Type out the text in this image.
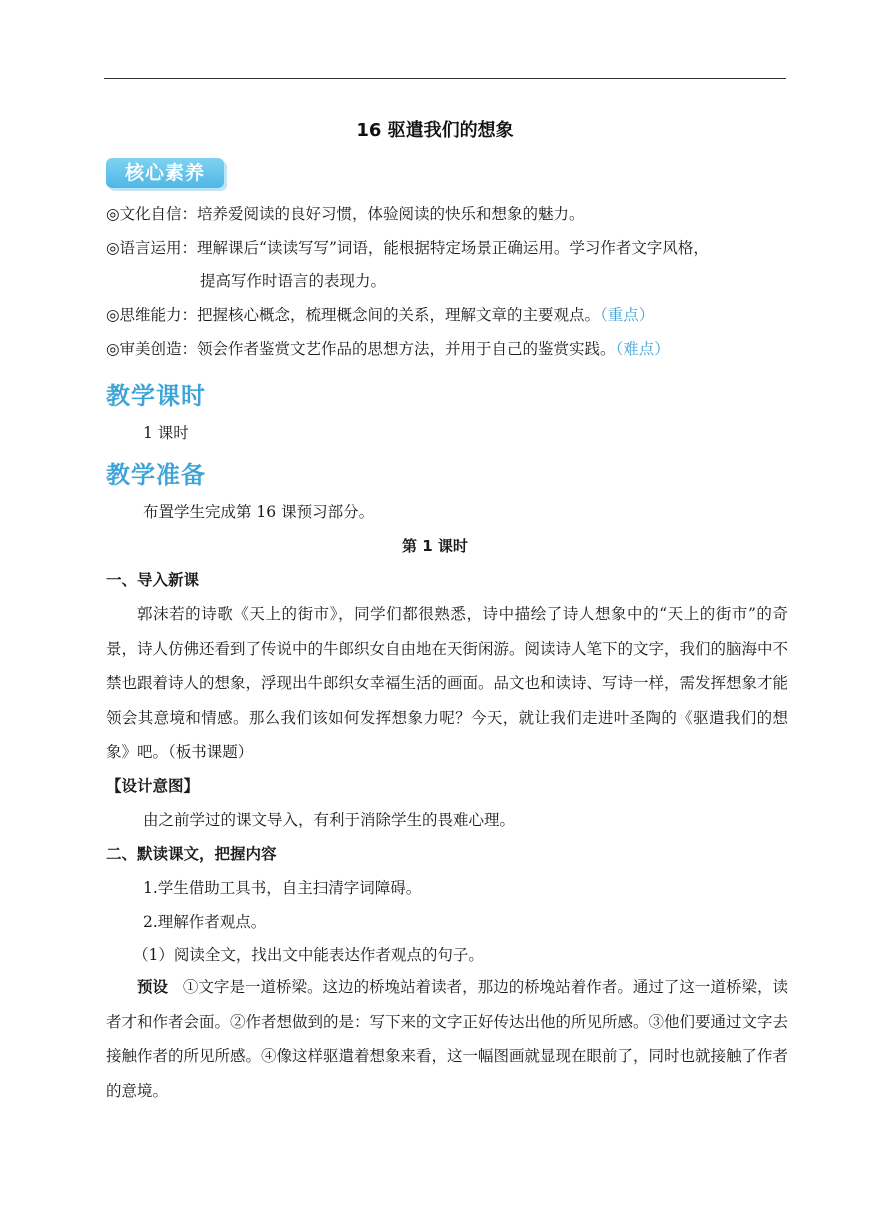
16 驱遣我们的想象
核心素养
◎文化自信：培养爱阅读的良好习惯，体验阅读的快乐和想象的魅力。
◎语言运用：理解课后“读读写写”词语，能根据特定场景正确运用。学习作者文字风格，
提高写作时语言的表现力。
◎思维能力：把握核心概念，梳理概念间的关系，理解文章的主要观点。（重点）
◎审美创造：领会作者鉴赏文艺作品的思想方法，并用于自己的鉴赏实践。（难点）
教学课时
1 课时
教学准备
布置学生完成第 16 课预习部分。
第 1 课时
一、导入新课
郭沫若的诗歌《天上的街市》，同学们都很熟悉，诗中描绘了诗人想象中的“天上的街市”的奇景，诗人仿佛还看到了传说中的牛郎织女自由地在天街闲游。阅读诗人笔下的文字，我们的脑海中不禁也跟着诗人的想象，浮现出牛郎织女幸福生活的画面。品文也和读诗、写诗一样，需发挥想象才能领会其意境和情感。那么我们该如何发挥想象力呢？今天，就让我们走进叶圣陶的《驱遣我们的想象》吧。（板书课题）
【设计意图】
由之前学过的课文导入，有利于消除学生的畏难心理。
二、默读课文，把握内容
1.学生借助工具书，自主扫清字词障碍。
2.理解作者观点。
（1）阅读全文，找出文中能表达作者观点的句子。
预设 ①文字是一道桥梁。这边的桥堍站着读者，那边的桥堍站着作者。通过了这一道桥梁，读者才和作者会面。②作者想做到的是：写下来的文字正好传达出他的所见所感。③他们要通过文字去接触作者的所见所感。④像这样驱遣着想象来看，这一幅图画就显现在眼前了，同时也就接触了作者的意境。
